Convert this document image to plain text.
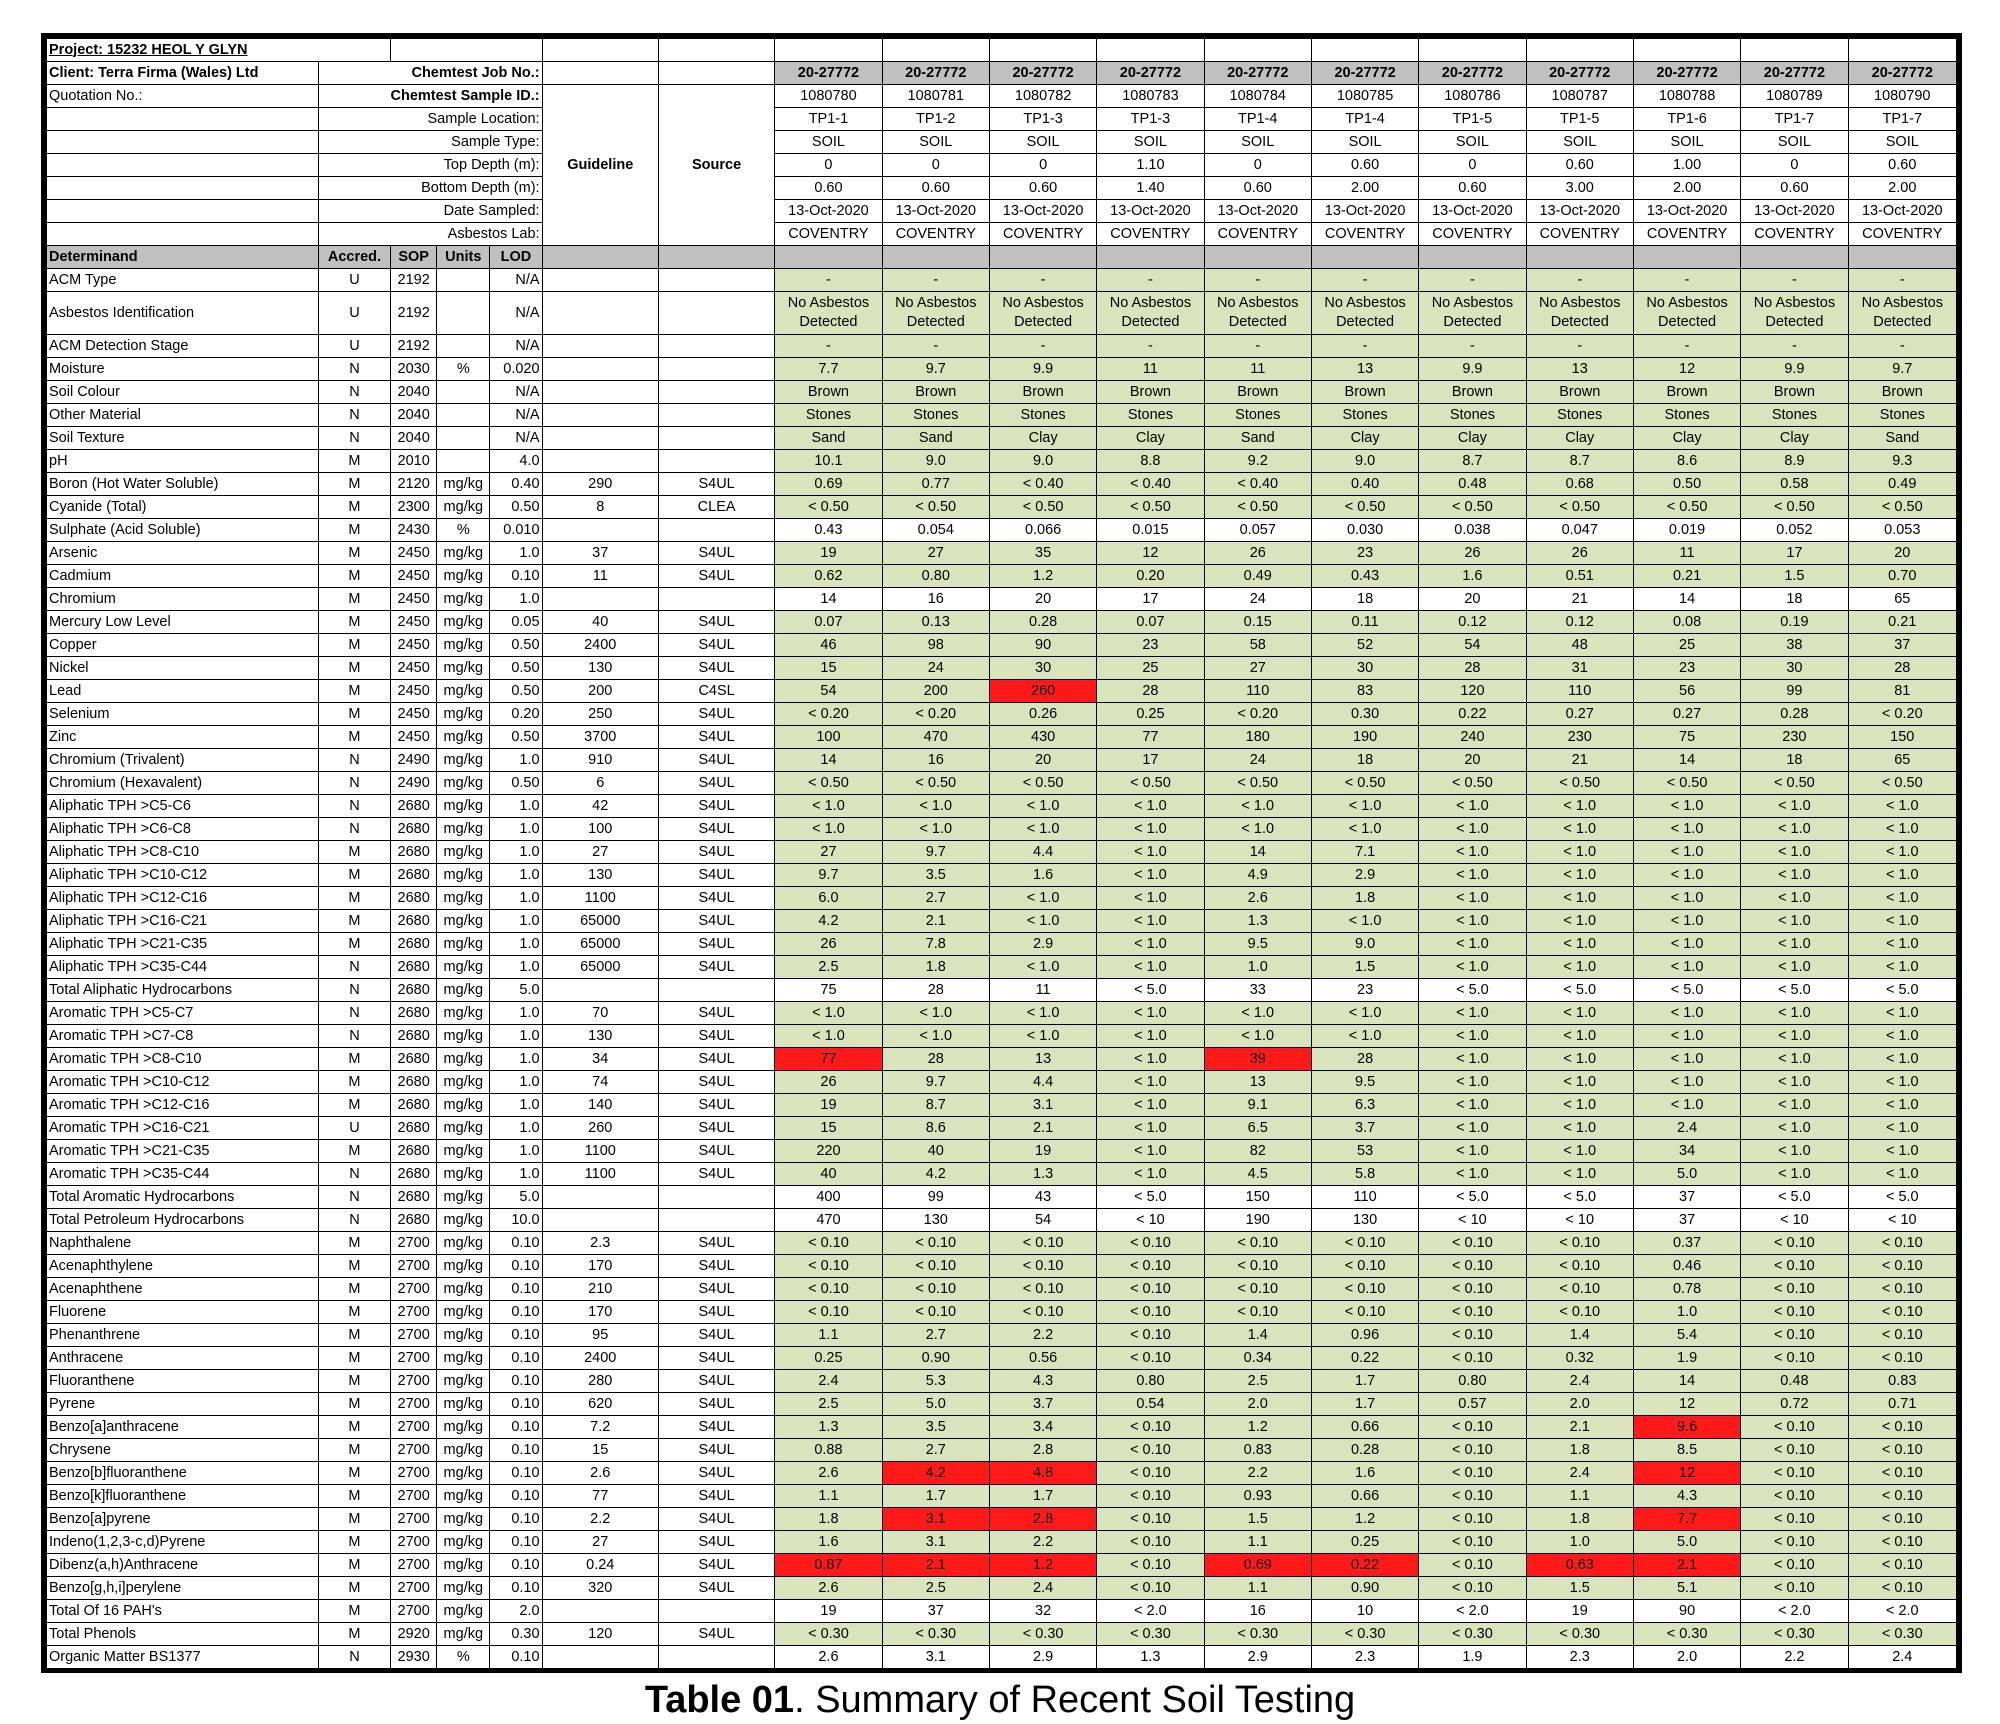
Project: 15232 HEOL Y GLYN																	
Client: Terra Firma (Wales) Ltd	Chemtest Job No.:						20-27772	20-27772	20-27772	20-27772	20-27772	20-27772	20-27772	20-27772	20-27772	20-27772	20-27772
Quotation No.:	Chemtest Sample ID.:				Guideline	Source	1080780	1080781	1080782	1080783	1080784	1080785	1080786	1080787	1080788	1080789	1080790
	Sample Location:						TP1-1	TP1-2	TP1-3	TP1-3	TP1-4	TP1-4	TP1-5	TP1-5	TP1-6	TP1-7	TP1-7
	Sample Type:						SOIL	SOIL	SOIL	SOIL	SOIL	SOIL	SOIL	SOIL	SOIL	SOIL	SOIL
	Top Depth (m):						0	0	0	1.10	0	0.60	0	0.60	1.00	0	0.60
	Bottom Depth (m):						0.60	0.60	0.60	1.40	0.60	2.00	0.60	3.00	2.00	0.60	2.00
	Date Sampled:						13-Oct-2020	13-Oct-2020	13-Oct-2020	13-Oct-2020	13-Oct-2020	13-Oct-2020	13-Oct-2020	13-Oct-2020	13-Oct-2020	13-Oct-2020	13-Oct-2020
	Asbestos Lab:						COVENTRY	COVENTRY	COVENTRY	COVENTRY	COVENTRY	COVENTRY	COVENTRY	COVENTRY	COVENTRY	COVENTRY	COVENTRY
Determinand	Accred.	SOP	Units	LOD													
ACM Type	U	2192		N/A			-	-	-	-	-	-	-	-	-	-	-
Asbestos Identification	U	2192		N/A			No Asbestos Detected	No Asbestos Detected	No Asbestos Detected	No Asbestos Detected	No Asbestos Detected	No Asbestos Detected	No Asbestos Detected	No Asbestos Detected	No Asbestos Detected	No Asbestos Detected	No Asbestos Detected
ACM Detection Stage	U	2192		N/A			-	-	-	-	-	-	-	-	-	-	-
Moisture	N	2030	%	0.020			7.7	9.7	9.9	11	11	13	9.9	13	12	9.9	9.7
Soil Colour	N	2040		N/A			Brown	Brown	Brown	Brown	Brown	Brown	Brown	Brown	Brown	Brown	Brown
Other Material	N	2040		N/A			Stones	Stones	Stones	Stones	Stones	Stones	Stones	Stones	Stones	Stones	Stones
Soil Texture	N	2040		N/A			Sand	Sand	Clay	Clay	Sand	Clay	Clay	Clay	Clay	Clay	Sand
pH	M	2010		4.0			10.1	9.0	9.0	8.8	9.2	9.0	8.7	8.7	8.6	8.9	9.3
Boron (Hot Water Soluble)	M	2120	mg/kg	0.40	290	S4UL	0.69	0.77	< 0.40	< 0.40	< 0.40	0.40	0.48	0.68	0.50	0.58	0.49
Cyanide (Total)	M	2300	mg/kg	0.50	8	CLEA	< 0.50	< 0.50	< 0.50	< 0.50	< 0.50	< 0.50	< 0.50	< 0.50	< 0.50	< 0.50	< 0.50
Sulphate (Acid Soluble)	M	2430	%	0.010			0.43	0.054	0.066	0.015	0.057	0.030	0.038	0.047	0.019	0.052	0.053
Arsenic	M	2450	mg/kg	1.0	37	S4UL	19	27	35	12	26	23	26	26	11	17	20
Cadmium	M	2450	mg/kg	0.10	11	S4UL	0.62	0.80	1.2	0.20	0.49	0.43	1.6	0.51	0.21	1.5	0.70
Chromium	M	2450	mg/kg	1.0			14	16	20	17	24	18	20	21	14	18	65
Mercury Low Level	M	2450	mg/kg	0.05	40	S4UL	0.07	0.13	0.28	0.07	0.15	0.11	0.12	0.12	0.08	0.19	0.21
Copper	M	2450	mg/kg	0.50	2400	S4UL	46	98	90	23	58	52	54	48	25	38	37
Nickel	M	2450	mg/kg	0.50	130	S4UL	15	24	30	25	27	30	28	31	23	30	28
Lead	M	2450	mg/kg	0.50	200	C4SL	54	200	260	28	110	83	120	110	56	99	81
Selenium	M	2450	mg/kg	0.20	250	S4UL	< 0.20	< 0.20	0.26	0.25	< 0.20	0.30	0.22	0.27	0.27	0.28	< 0.20
Zinc	M	2450	mg/kg	0.50	3700	S4UL	100	470	430	77	180	190	240	230	75	230	150
Chromium (Trivalent)	N	2490	mg/kg	1.0	910	S4UL	14	16	20	17	24	18	20	21	14	18	65
Chromium (Hexavalent)	N	2490	mg/kg	0.50	6	S4UL	< 0.50	< 0.50	< 0.50	< 0.50	< 0.50	< 0.50	< 0.50	< 0.50	< 0.50	< 0.50	< 0.50
Aliphatic TPH >C5-C6	N	2680	mg/kg	1.0	42	S4UL	< 1.0	< 1.0	< 1.0	< 1.0	< 1.0	< 1.0	< 1.0	< 1.0	< 1.0	< 1.0	< 1.0
Aliphatic TPH >C6-C8	N	2680	mg/kg	1.0	100	S4UL	< 1.0	< 1.0	< 1.0	< 1.0	< 1.0	< 1.0	< 1.0	< 1.0	< 1.0	< 1.0	< 1.0
Aliphatic TPH >C8-C10	M	2680	mg/kg	1.0	27	S4UL	27	9.7	4.4	< 1.0	14	7.1	< 1.0	< 1.0	< 1.0	< 1.0	< 1.0
Aliphatic TPH >C10-C12	M	2680	mg/kg	1.0	130	S4UL	9.7	3.5	1.6	< 1.0	4.9	2.9	< 1.0	< 1.0	< 1.0	< 1.0	< 1.0
Aliphatic TPH >C12-C16	M	2680	mg/kg	1.0	1100	S4UL	6.0	2.7	< 1.0	< 1.0	2.6	1.8	< 1.0	< 1.0	< 1.0	< 1.0	< 1.0
Aliphatic TPH >C16-C21	M	2680	mg/kg	1.0	65000	S4UL	4.2	2.1	< 1.0	< 1.0	1.3	< 1.0	< 1.0	< 1.0	< 1.0	< 1.0	< 1.0
Aliphatic TPH >C21-C35	M	2680	mg/kg	1.0	65000	S4UL	26	7.8	2.9	< 1.0	9.5	9.0	< 1.0	< 1.0	< 1.0	< 1.0	< 1.0
Aliphatic TPH >C35-C44	N	2680	mg/kg	1.0	65000	S4UL	2.5	1.8	< 1.0	< 1.0	1.0	1.5	< 1.0	< 1.0	< 1.0	< 1.0	< 1.0
Total Aliphatic Hydrocarbons	N	2680	mg/kg	5.0			75	28	11	< 5.0	33	23	< 5.0	< 5.0	< 5.0	< 5.0	< 5.0
Aromatic TPH >C5-C7	N	2680	mg/kg	1.0	70	S4UL	< 1.0	< 1.0	< 1.0	< 1.0	< 1.0	< 1.0	< 1.0	< 1.0	< 1.0	< 1.0	< 1.0
Aromatic TPH >C7-C8	N	2680	mg/kg	1.0	130	S4UL	< 1.0	< 1.0	< 1.0	< 1.0	< 1.0	< 1.0	< 1.0	< 1.0	< 1.0	< 1.0	< 1.0
Aromatic TPH >C8-C10	M	2680	mg/kg	1.0	34	S4UL	77	28	13	< 1.0	39	28	< 1.0	< 1.0	< 1.0	< 1.0	< 1.0
Aromatic TPH >C10-C12	M	2680	mg/kg	1.0	74	S4UL	26	9.7	4.4	< 1.0	13	9.5	< 1.0	< 1.0	< 1.0	< 1.0	< 1.0
Aromatic TPH >C12-C16	M	2680	mg/kg	1.0	140	S4UL	19	8.7	3.1	< 1.0	9.1	6.3	< 1.0	< 1.0	< 1.0	< 1.0	< 1.0
Aromatic TPH >C16-C21	U	2680	mg/kg	1.0	260	S4UL	15	8.6	2.1	< 1.0	6.5	3.7	< 1.0	< 1.0	2.4	< 1.0	< 1.0
Aromatic TPH >C21-C35	M	2680	mg/kg	1.0	1100	S4UL	220	40	19	< 1.0	82	53	< 1.0	< 1.0	34	< 1.0	< 1.0
Aromatic TPH >C35-C44	N	2680	mg/kg	1.0	1100	S4UL	40	4.2	1.3	< 1.0	4.5	5.8	< 1.0	< 1.0	5.0	< 1.0	< 1.0
Total Aromatic Hydrocarbons	N	2680	mg/kg	5.0			400	99	43	< 5.0	150	110	< 5.0	< 5.0	37	< 5.0	< 5.0
Total Petroleum Hydrocarbons	N	2680	mg/kg	10.0			470	130	54	< 10	190	130	< 10	< 10	37	< 10	< 10
Naphthalene	M	2700	mg/kg	0.10	2.3	S4UL	< 0.10	< 0.10	< 0.10	< 0.10	< 0.10	< 0.10	< 0.10	< 0.10	0.37	< 0.10	< 0.10
Acenaphthylene	M	2700	mg/kg	0.10	170	S4UL	< 0.10	< 0.10	< 0.10	< 0.10	< 0.10	< 0.10	< 0.10	< 0.10	0.46	< 0.10	< 0.10
Acenaphthene	M	2700	mg/kg	0.10	210	S4UL	< 0.10	< 0.10	< 0.10	< 0.10	< 0.10	< 0.10	< 0.10	< 0.10	0.78	< 0.10	< 0.10
Fluorene	M	2700	mg/kg	0.10	170	S4UL	< 0.10	< 0.10	< 0.10	< 0.10	< 0.10	< 0.10	< 0.10	< 0.10	1.0	< 0.10	< 0.10
Phenanthrene	M	2700	mg/kg	0.10	95	S4UL	1.1	2.7	2.2	< 0.10	1.4	0.96	< 0.10	1.4	5.4	< 0.10	< 0.10
Anthracene	M	2700	mg/kg	0.10	2400	S4UL	0.25	0.90	0.56	< 0.10	0.34	0.22	< 0.10	0.32	1.9	< 0.10	< 0.10
Fluoranthene	M	2700	mg/kg	0.10	280	S4UL	2.4	5.3	4.3	0.80	2.5	1.7	0.80	2.4	14	0.48	0.83
Pyrene	M	2700	mg/kg	0.10	620	S4UL	2.5	5.0	3.7	0.54	2.0	1.7	0.57	2.0	12	0.72	0.71
Benzo[a]anthracene	M	2700	mg/kg	0.10	7.2	S4UL	1.3	3.5	3.4	< 0.10	1.2	0.66	< 0.10	2.1	9.6	< 0.10	< 0.10
Chrysene	M	2700	mg/kg	0.10	15	S4UL	0.88	2.7	2.8	< 0.10	0.83	0.28	< 0.10	1.8	8.5	< 0.10	< 0.10
Benzo[b]fluoranthene	M	2700	mg/kg	0.10	2.6	S4UL	2.6	4.2	4.8	< 0.10	2.2	1.6	< 0.10	2.4	12	< 0.10	< 0.10
Benzo[k]fluoranthene	M	2700	mg/kg	0.10	77	S4UL	1.1	1.7	1.7	< 0.10	0.93	0.66	< 0.10	1.1	4.3	< 0.10	< 0.10
Benzo[a]pyrene	M	2700	mg/kg	0.10	2.2	S4UL	1.8	3.1	2.8	< 0.10	1.5	1.2	< 0.10	1.8	7.7	< 0.10	< 0.10
Indeno(1,2,3-c,d)Pyrene	M	2700	mg/kg	0.10	27	S4UL	1.6	3.1	2.2	< 0.10	1.1	0.25	< 0.10	1.0	5.0	< 0.10	< 0.10
Dibenz(a,h)Anthracene	M	2700	mg/kg	0.10	0.24	S4UL	0.87	2.1	1.2	< 0.10	0.69	0.22	< 0.10	0.63	2.1	< 0.10	< 0.10
Benzo[g,h,i]perylene	M	2700	mg/kg	0.10	320	S4UL	2.6	2.5	2.4	< 0.10	1.1	0.90	< 0.10	1.5	5.1	< 0.10	< 0.10
Total Of 16 PAH's	M	2700	mg/kg	2.0			19	37	32	< 2.0	16	10	< 2.0	19	90	< 2.0	< 2.0
Total Phenols	M	2920	mg/kg	0.30	120	S4UL	< 0.30	< 0.30	< 0.30	< 0.30	< 0.30	< 0.30	< 0.30	< 0.30	< 0.30	< 0.30	< 0.30
Organic Matter BS1377	N	2930	%	0.10			2.6	3.1	2.9	1.3	2.9	2.3	1.9	2.3	2.0	2.2	2.4
Table 01. Summary of Recent Soil Testing
